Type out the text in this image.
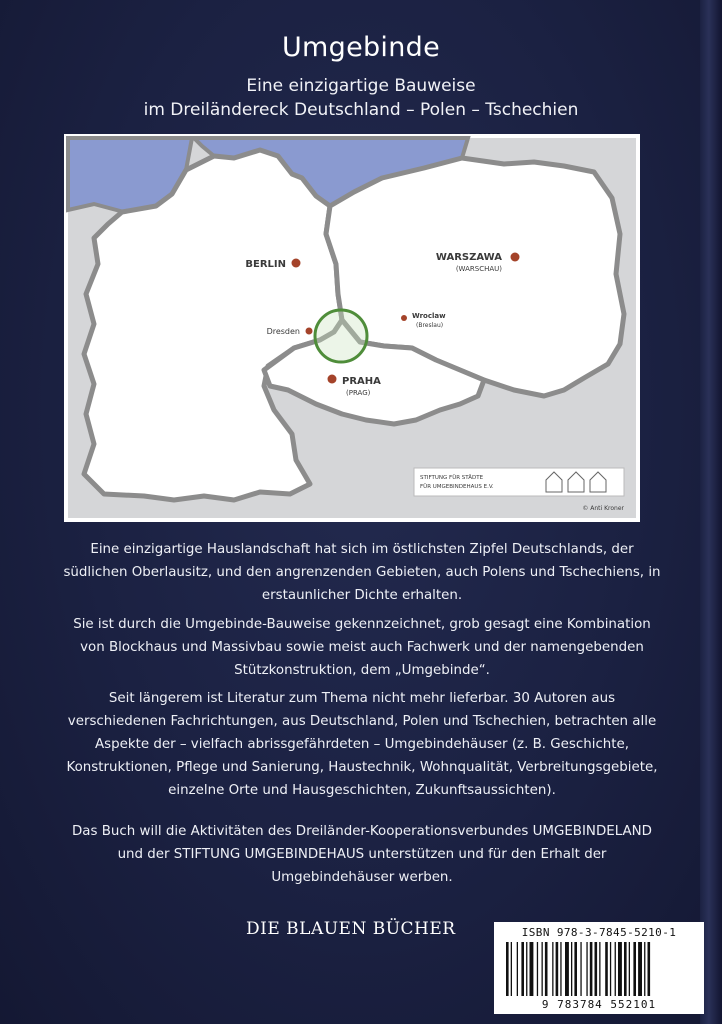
Umgebinde
Eine einzigartige Bauweise
im Dreiländereck Deutschland – Polen – Tschechien
BERLIN
WARSZAWA
(WARSCHAU)
Wroclaw
(Breslau)
Dresden
PRAHA
(PRAG)
STIFTUNG FÜR STÄDTE
FÜR UMGEBINDEHAUS E.V.
© Anti Kroner
Eine einzigartige Hauslandschaft hat sich im östlichsten Zipfel Deutschlands, der südlichen Oberlausitz, und den angrenzenden Gebieten, auch Polens und Tschechiens, in erstaunlicher Dichte erhalten.
Sie ist durch die Umgebinde-Bauweise gekennzeichnet, grob gesagt eine Kombination von Blockhaus und Massivbau sowie meist auch Fachwerk und der namengebenden Stützkonstruktion, dem „Umgebinde“.
Seit längerem ist Literatur zum Thema nicht mehr lieferbar. 30 Autoren aus verschiedenen Fachrichtungen, aus Deutschland, Polen und Tschechien, betrachten alle Aspekte der – vielfach abrissgefährdeten – Umgebindehäuser (z. B. Geschichte, Konstruktionen, Pflege und Sanierung, Haustechnik, Wohnqualität, Verbreitungsgebiete, einzelne Orte und Hausgeschichten, Zukunftsaussichten).
Das Buch will die Aktivitäten des Dreiländer-Kooperationsverbundes UMGEBINDELAND und der STIFTUNG UMGEBINDEHAUS unterstützen und für den Erhalt der Umgebindehäuser werben.
DIE BLAUEN BÜCHER	ISBN 978-3-7845-5210-1
9 783784 552101
